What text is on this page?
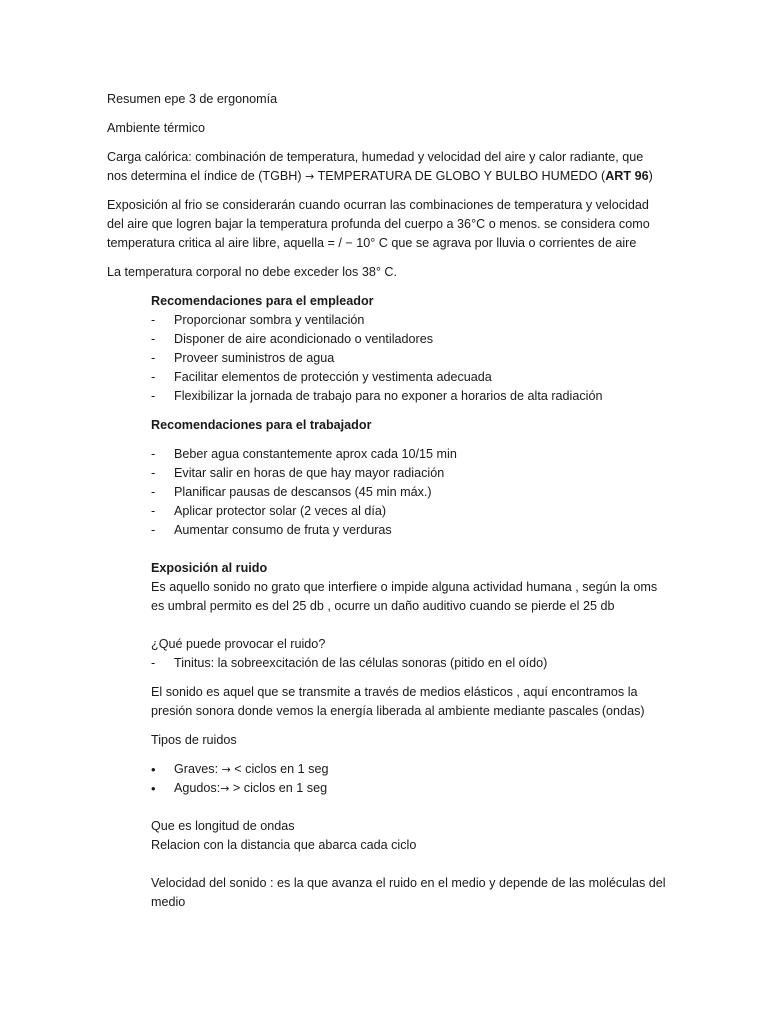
Resumen epe 3 de ergonomía

Ambiente térmico

Carga calórica: combinación de temperatura, humedad y velocidad del aire y calor radiante, que nos determina el índice de (TGBH) → TEMPERATURA DE GLOBO Y BULBO HUMEDO (ART 96)

Exposición al frio se considerarán cuando ocurran las combinaciones de temperatura y velocidad del aire que logren bajar la temperatura profunda del cuerpo a 36°C o menos. se considera como temperatura critica al aire libre, aquella = / − 10° C que se agrava por lluvia o corrientes de aire

La temperatura corporal no debe exceder los 38° C.

Recomendaciones para el empleador

-	Proporcionar sombra y ventilación
-	Disponer de aire acondicionado o ventiladores
-	Proveer suministros de agua
-	Facilitar elementos de protección y vestimenta adecuada
-	Flexibilizar la jornada de trabajo para no exponer a horarios de alta radiación

Recomendaciones para el trabajador

-	Beber agua constantemente aprox cada 10/15 min
-	Evitar salir en horas de que hay mayor radiación
-	Planificar pausas de descansos (45 min máx.)
-	Aplicar protector solar (2 veces al día)
-	Aumentar consumo de fruta y verduras

Exposición al ruido

Es aquello sonido no grato que interfiere o impide alguna actividad humana , según la oms es umbral permito es del 25 db , ocurre un daño auditivo cuando se pierde el 25 db

¿Qué puede provocar el ruido?

-	Tinitus: la sobreexcitación de las células sonoras (pitido en el oído)

El sonido es aquel que se transmite a través de medios elásticos , aquí encontramos la presión sonora donde vemos la energía liberada al ambiente mediante pascales (ondas)

Tipos de ruidos

•	Graves: → < ciclos en 1 seg
•	Agudos:→ > ciclos en 1 seg

Que es longitud de ondas

Relacion con la distancia que abarca cada ciclo

Velocidad del sonido : es la que avanza el ruido en el medio y depende de las moléculas del medio
